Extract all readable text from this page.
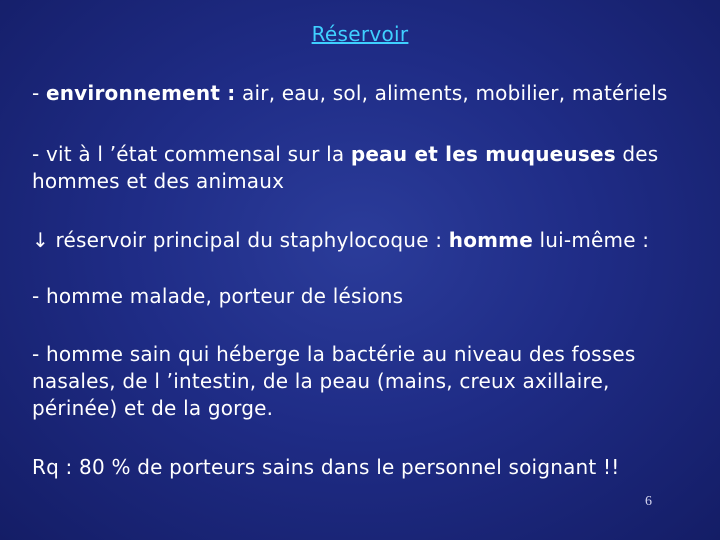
Réservoir
- environnement : air, eau, sol, aliments, mobilier, matériels
- vit à l ’état commensal sur la peau et les muqueuses des hommes et des animaux
↓ réservoir principal du staphylocoque : homme lui-même :
- homme malade, porteur de lésions
- homme sain qui héberge la bactérie au niveau des fosses nasales, de l ’intestin, de la peau (mains, creux axillaire, périnée) et de la gorge.
Rq : 80 % de porteurs sains dans le personnel soignant !!
6
